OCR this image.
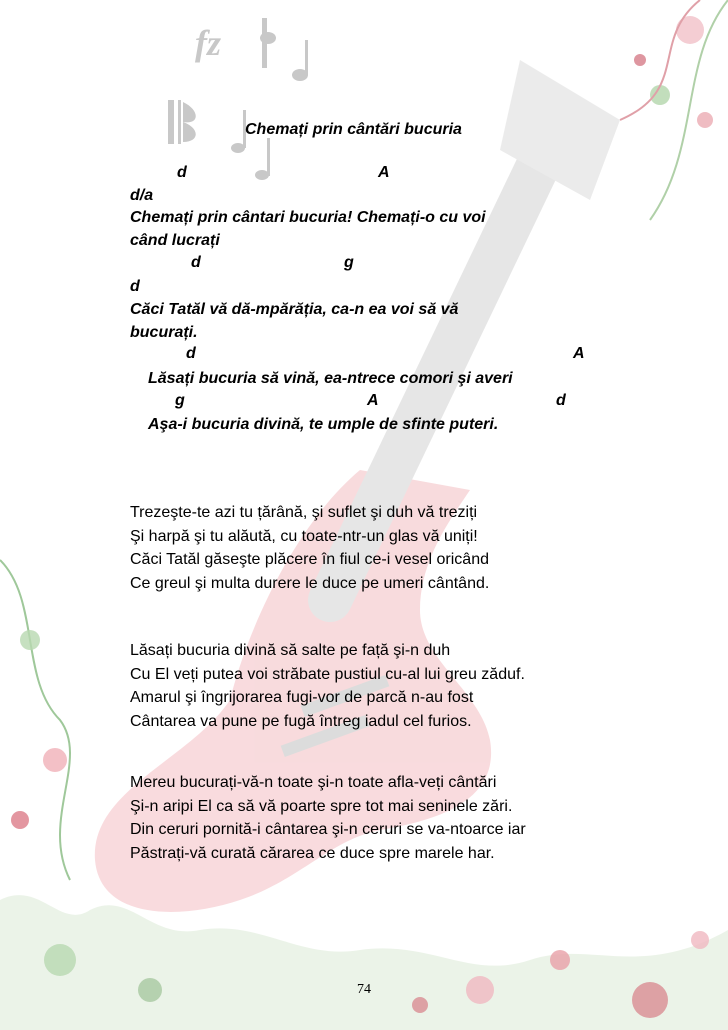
fz
Chemați prin cântări bucuria
d	A
d/a
Chemați prin cântari bucuria! Chemați-o cu voi
când lucrați
d	g
d
Căci Tatăl vă dă-mpărăția, ca-n ea voi să vă
bucurați.
d	A
Lăsați bucuria să vină, ea-ntrece comori şi averi
g	A	d
Aşa-i bucuria divină, te umple de sfinte puteri.
Trezeşte-te azi tu țărână, şi suflet şi duh vă treziți
Şi harpă şi tu alăută, cu toate-ntr-un glas vă uniți!
Căci Tatăl găseşte plăcere în fiul ce-i vesel oricând
Ce greul şi multa durere le duce pe umeri cântând.
Lăsați bucuria divină să salte pe față şi-n duh
Cu El veți putea voi străbate pustiul cu-al lui greu zăduf.
Amarul şi îngrijorarea fugi-vor de parcă n-au fost
Cântarea va pune pe fugă întreg iadul cel furios.
Mereu bucurați-vă-n toate şi-n toate afla-veți cântări
Şi-n aripi El ca să vă poarte spre tot mai seninele zări.
Din ceruri pornită-i cântarea şi-n ceruri se va-ntoarce iar
Păstrați-vă curată cărarea ce duce spre marele har.
74
